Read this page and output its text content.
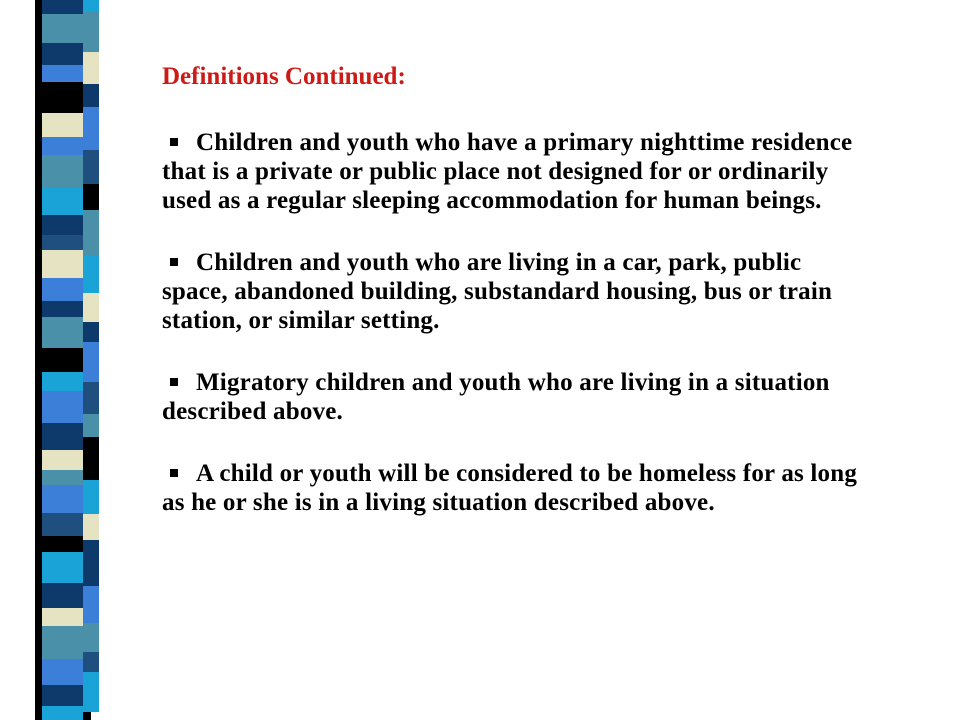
Definitions Continued:

Children and youth who have a primary nighttime residence that is a private or public place not designed for or ordinarily used as a regular sleeping accommodation for human beings.

Children and youth who are living in a car, park, public space, abandoned building, substandard housing, bus or train station, or similar setting.

Migratory children and youth who are living in a situation described above.

A child or youth will be considered to be homeless for as long as he or she is in a living situation described above.
